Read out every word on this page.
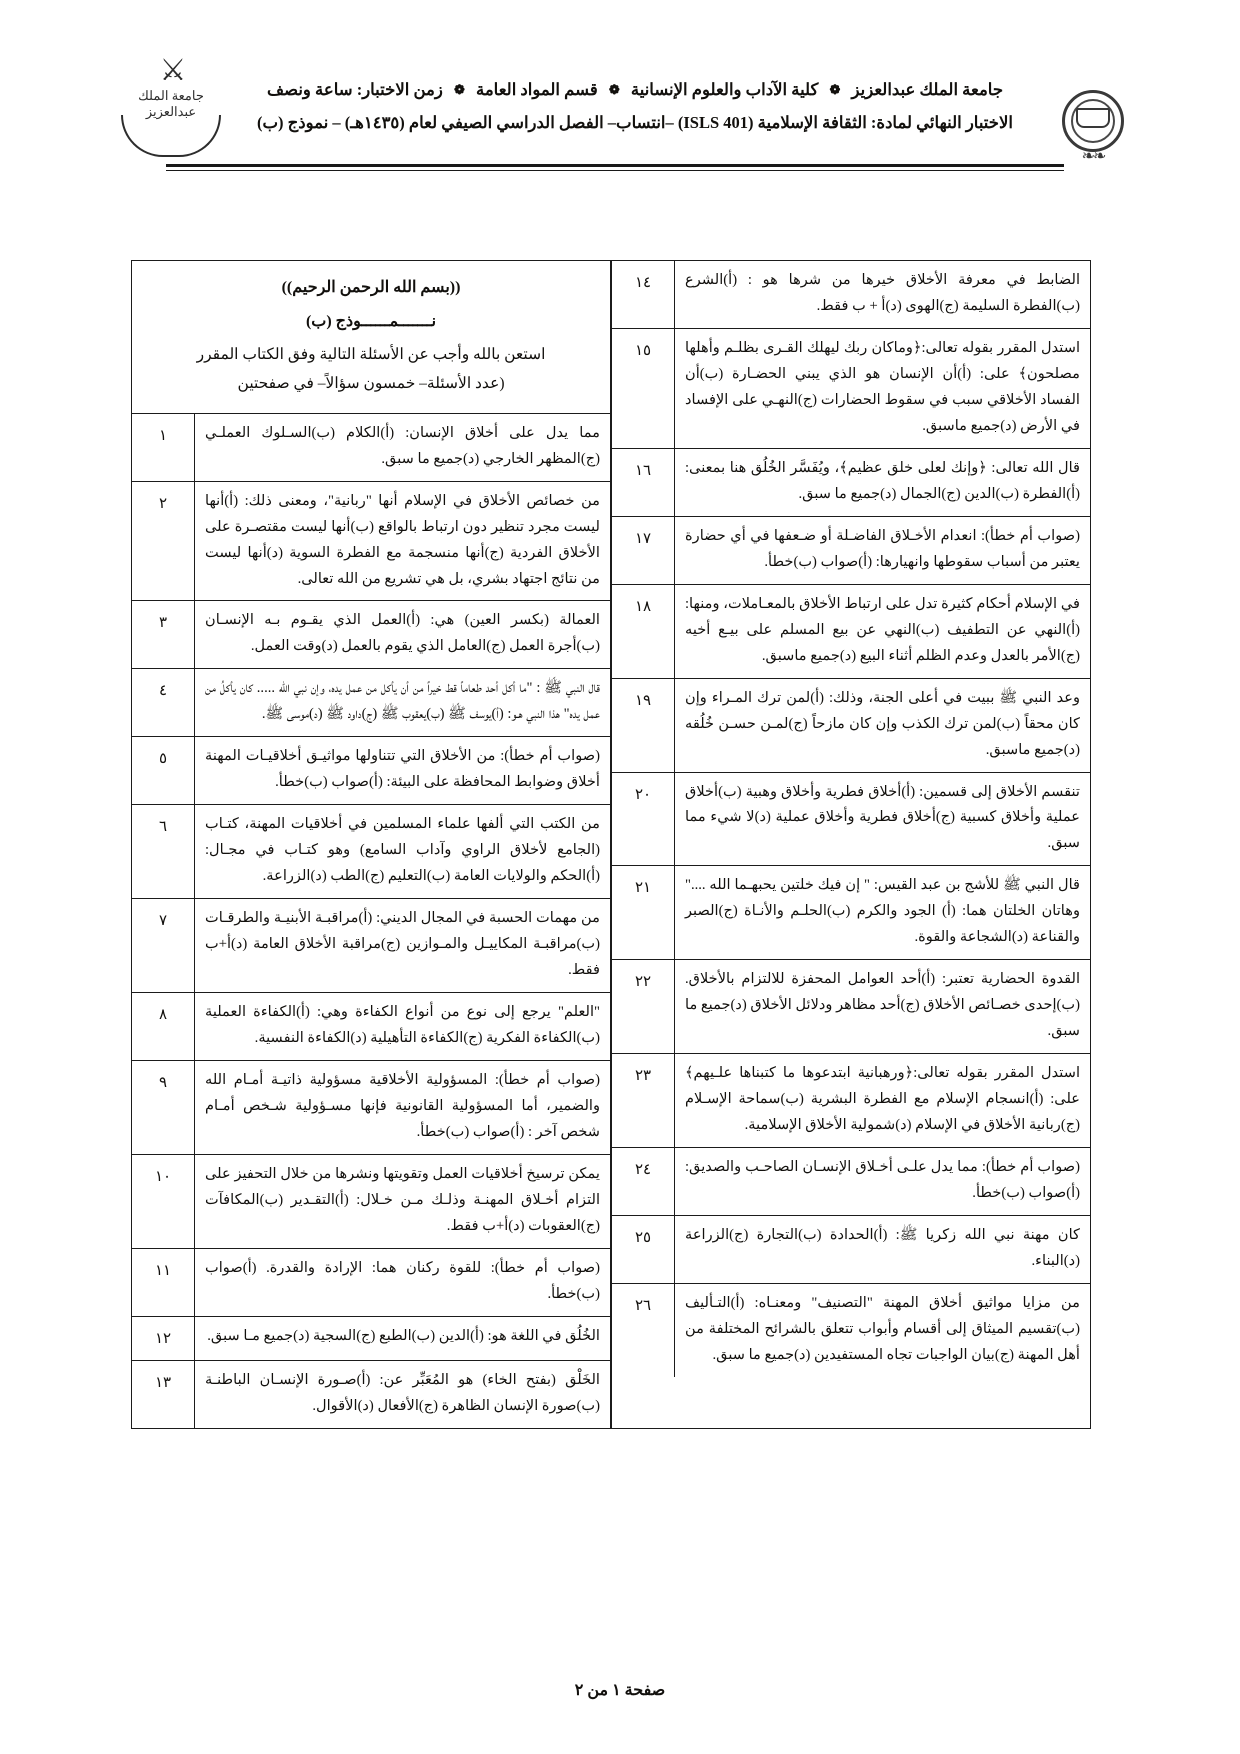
❧❧
⚔
جامعة الملك عبدالعزيز
جامعة الملك عبدالعزيز ❁ كلية الآداب والعلوم الإنسانية ❁ قسم المواد العامة ❁ زمن الاختبار: ساعة ونصف
الاختبار النهائي لمادة: الثقافة الإسلامية (ISLS 401) –انتساب– الفصل الدراسي الصيفي لعام (١٤٣٥هـ) – نموذج (ب)
الضابط في معرفة الأخلاق خيرها من شرها هو : (أ)الشرع (ب)الفطرة السليمة (ج)الهوى (د)أ + ب فقط.	١٤
استدل المقرر بقوله تعالى:﴿وماكان ربك ليهلك القـرى بظلـم وأهلها مصلحون﴾ على: (أ)أن الإنسان هو الذي يبني الحضـارة (ب)أن الفساد الأخلاقي سبب في سقوط الحضارات (ج)النهـي على الإفساد في الأرض (د)جميع ماسبق.	١٥
قال الله تعالى: ﴿وإنك لعلى خلق عظيم﴾، ويُفَسَّر الخُلُق هنا بمعنى: (أ)الفطرة (ب)الدين (ج)الجمال (د)جميع ما سبق.	١٦
(صواب أم خطأ): انعدام الأخـلاق الفاضـلة أو ضـعفها في أي حضارة يعتبر من أسباب سقوطها وانهيارها: (أ)صواب (ب)خطأ.	١٧
في الإسلام أحكام كثيرة تدل على ارتباط الأخلاق بالمعـاملات، ومنها: (أ)النهي عن التطفيف (ب)النهي عن بيع المسلم على بيـع أخيه (ج)الأمر بالعدل وعدم الظلم أثناء البيع (د)جميع ماسبق.	١٨
وعد النبي ﷺ ببيت في أعلى الجنة، وذلك: (أ)لمن ترك المـراء وإن كان محقاً (ب)لمن ترك الكذب وإن كان مازحاً (ج)لمـن حسـن خُلُقه (د)جميع ماسبق.	١٩
تنقسم الأخلاق إلى قسمين: (أ)أخلاق فطرية وأخلاق وهبية (ب)أخلاق عملية وأخلاق كسبية (ج)أخلاق فطرية وأخلاق عملية (د)لا شيء مما سبق.	٢٠
قال النبي ﷺ للأشج بن عبد القيس: " إن فيك خلتين يحبهـما الله ...." وهاتان الخلتان هما: (أ) الجود والكرم (ب)الحلـم والأنـاة (ج)الصبر والقناعة (د)الشجاعة والقوة.	٢١
القدوة الحضارية تعتبر: (أ)أحد العوامل المحفزة للالتزام بالأخلاق. (ب)إحدى خصـائص الأخلاق (ج)أحد مظاهر ودلائل الأخلاق (د)جميع ما سبق.	٢٢
استدل المقرر بقوله تعالى:﴿ورهبانية ابتدعوها ما كتبناها علـيهم﴾ على: (أ)انسجام الإسلام مع الفطرة البشرية (ب)سماحة الإسـلام (ج)ربانية الأخلاق في الإسلام (د)شمولية الأخلاق الإسلامية.	٢٣
(صواب أم خطأ): مما يدل علـى أخـلاق الإنسـان الصاحـب والصديق: (أ)صواب (ب)خطأ.	٢٤
كان مهنة نبي الله زكريا ﷺ: (أ)الحدادة (ب)التجارة (ج)الزراعة (د)البناء.	٢٥
من مزايا مواثيق أخلاق المهنة "التصنيف" ومعنـاه: (أ)التـأليف (ب)تقسيم الميثاق إلى أقسام وأبواب تتعلق بالشرائح المختلفة من أهل المهنة (ج)بيان الواجبات تجاه المستفيدين (د)جميع ما سبق.	٢٦
((بسم الله الرحمن الرحيم))
نـــــــمــــــوذج (ب)
استعن بالله وأجب عن الأسئلة التالية وفق الكتاب المقرر
(عدد الأسئلة– خمسون سؤالاً– في صفحتين
مما يدل على أخلاق الإنسان: (أ)الكلام (ب)السـلوك العملـي (ج)المظهر الخارجي (د)جميع ما سبق.	١
من خصائص الأخلاق في الإسلام أنها "ربانية"، ومعنى ذلك: (أ)أنها ليست مجرد تنظير دون ارتباط بالواقع (ب)أنها ليست مقتصـرة على الأخلاق الفردية (ج)أنها منسجمة مع الفطرة السوية (د)أنها ليست من نتائج اجتهاد بشري، بل هي تشريع من الله تعالى.	٢
العمالة (بكسر العين) هي: (أ)العمل الذي يقـوم بـه الإنسـان (ب)أجرة العمل (ج)العامل الذي يقوم بالعمل (د)وقت العمل.	٣
قال النبي ﷺ : "ما أكل أحد طعاماً قط خيراً من أن يأكل من عمل يده، وإن نبي الله ..... كان يأكلُ من عمل يده" هذا النبي هـو: (أ)يوسف ﷺ (ب)يعقوب ﷺ (ج)داود ﷺ (د)موسى ﷺ.	٤
(صواب أم خطأ): من الأخلاق التي تتناولها مواثيـق أخلاقيـات المهنة أخلاق وضوابط المحافظة على البيئة: (أ)صواب (ب)خطأ.	٥
من الكتب التي ألفها علماء المسلمين في أخلاقيات المهنة، كتـاب (الجامع لأخلاق الراوي وآداب السامع) وهو كتـاب في مجـال: (أ)الحكم والولايات العامة (ب)التعليم (ج)الطب (د)الزراعة.	٦
من مهمات الحسبة في المجال الديني: (أ)مراقبـة الأبنيـة والطرقـات (ب)مراقبـة المكاييـل والمـوازين (ج)مراقبة الأخلاق العامة (د)أ+ب فقط.	٧
"العلم" يرجع إلى نوع من أنواع الكفاءة وهي: (أ)الكفاءة العملية (ب)الكفاءة الفكرية (ج)الكفاءة التأهيلية (د)الكفاءة النفسية.	٨
(صواب أم خطأ): المسؤولية الأخلاقية مسؤولية ذاتيـة أمـام الله والضمير، أما المسؤولية القانونية فإنها مسـؤولية شـخص أمـام شخص آخر : (أ)صواب (ب)خطأ.	٩
يمكن ترسيخ أخلاقيات العمل وتقويتها ونشرها من خلال التحفيز على التزام أخـلاق المهنـة وذلـك مـن خـلال: (أ)التقـدير (ب)المكافآت (ج)العقوبات (د)أ+ب فقط.	١٠
(صواب أم خطأ): للقوة ركنان هما: الإرادة والقدرة. (أ)صواب (ب)خطأ.	١١
الخُلُق في اللغة هو: (أ)الدين (ب)الطبع (ج)السجية (د)جميع مـا سبق.	١٢
الخَلْق (بفتح الخاء) هو المُعَبِّر عن: (أ)صـورة الإنسـان الباطنـة (ب)صورة الإنسان الظاهرة (ج)الأفعال (د)الأقوال.	١٣
صفحة ١ من ٢
